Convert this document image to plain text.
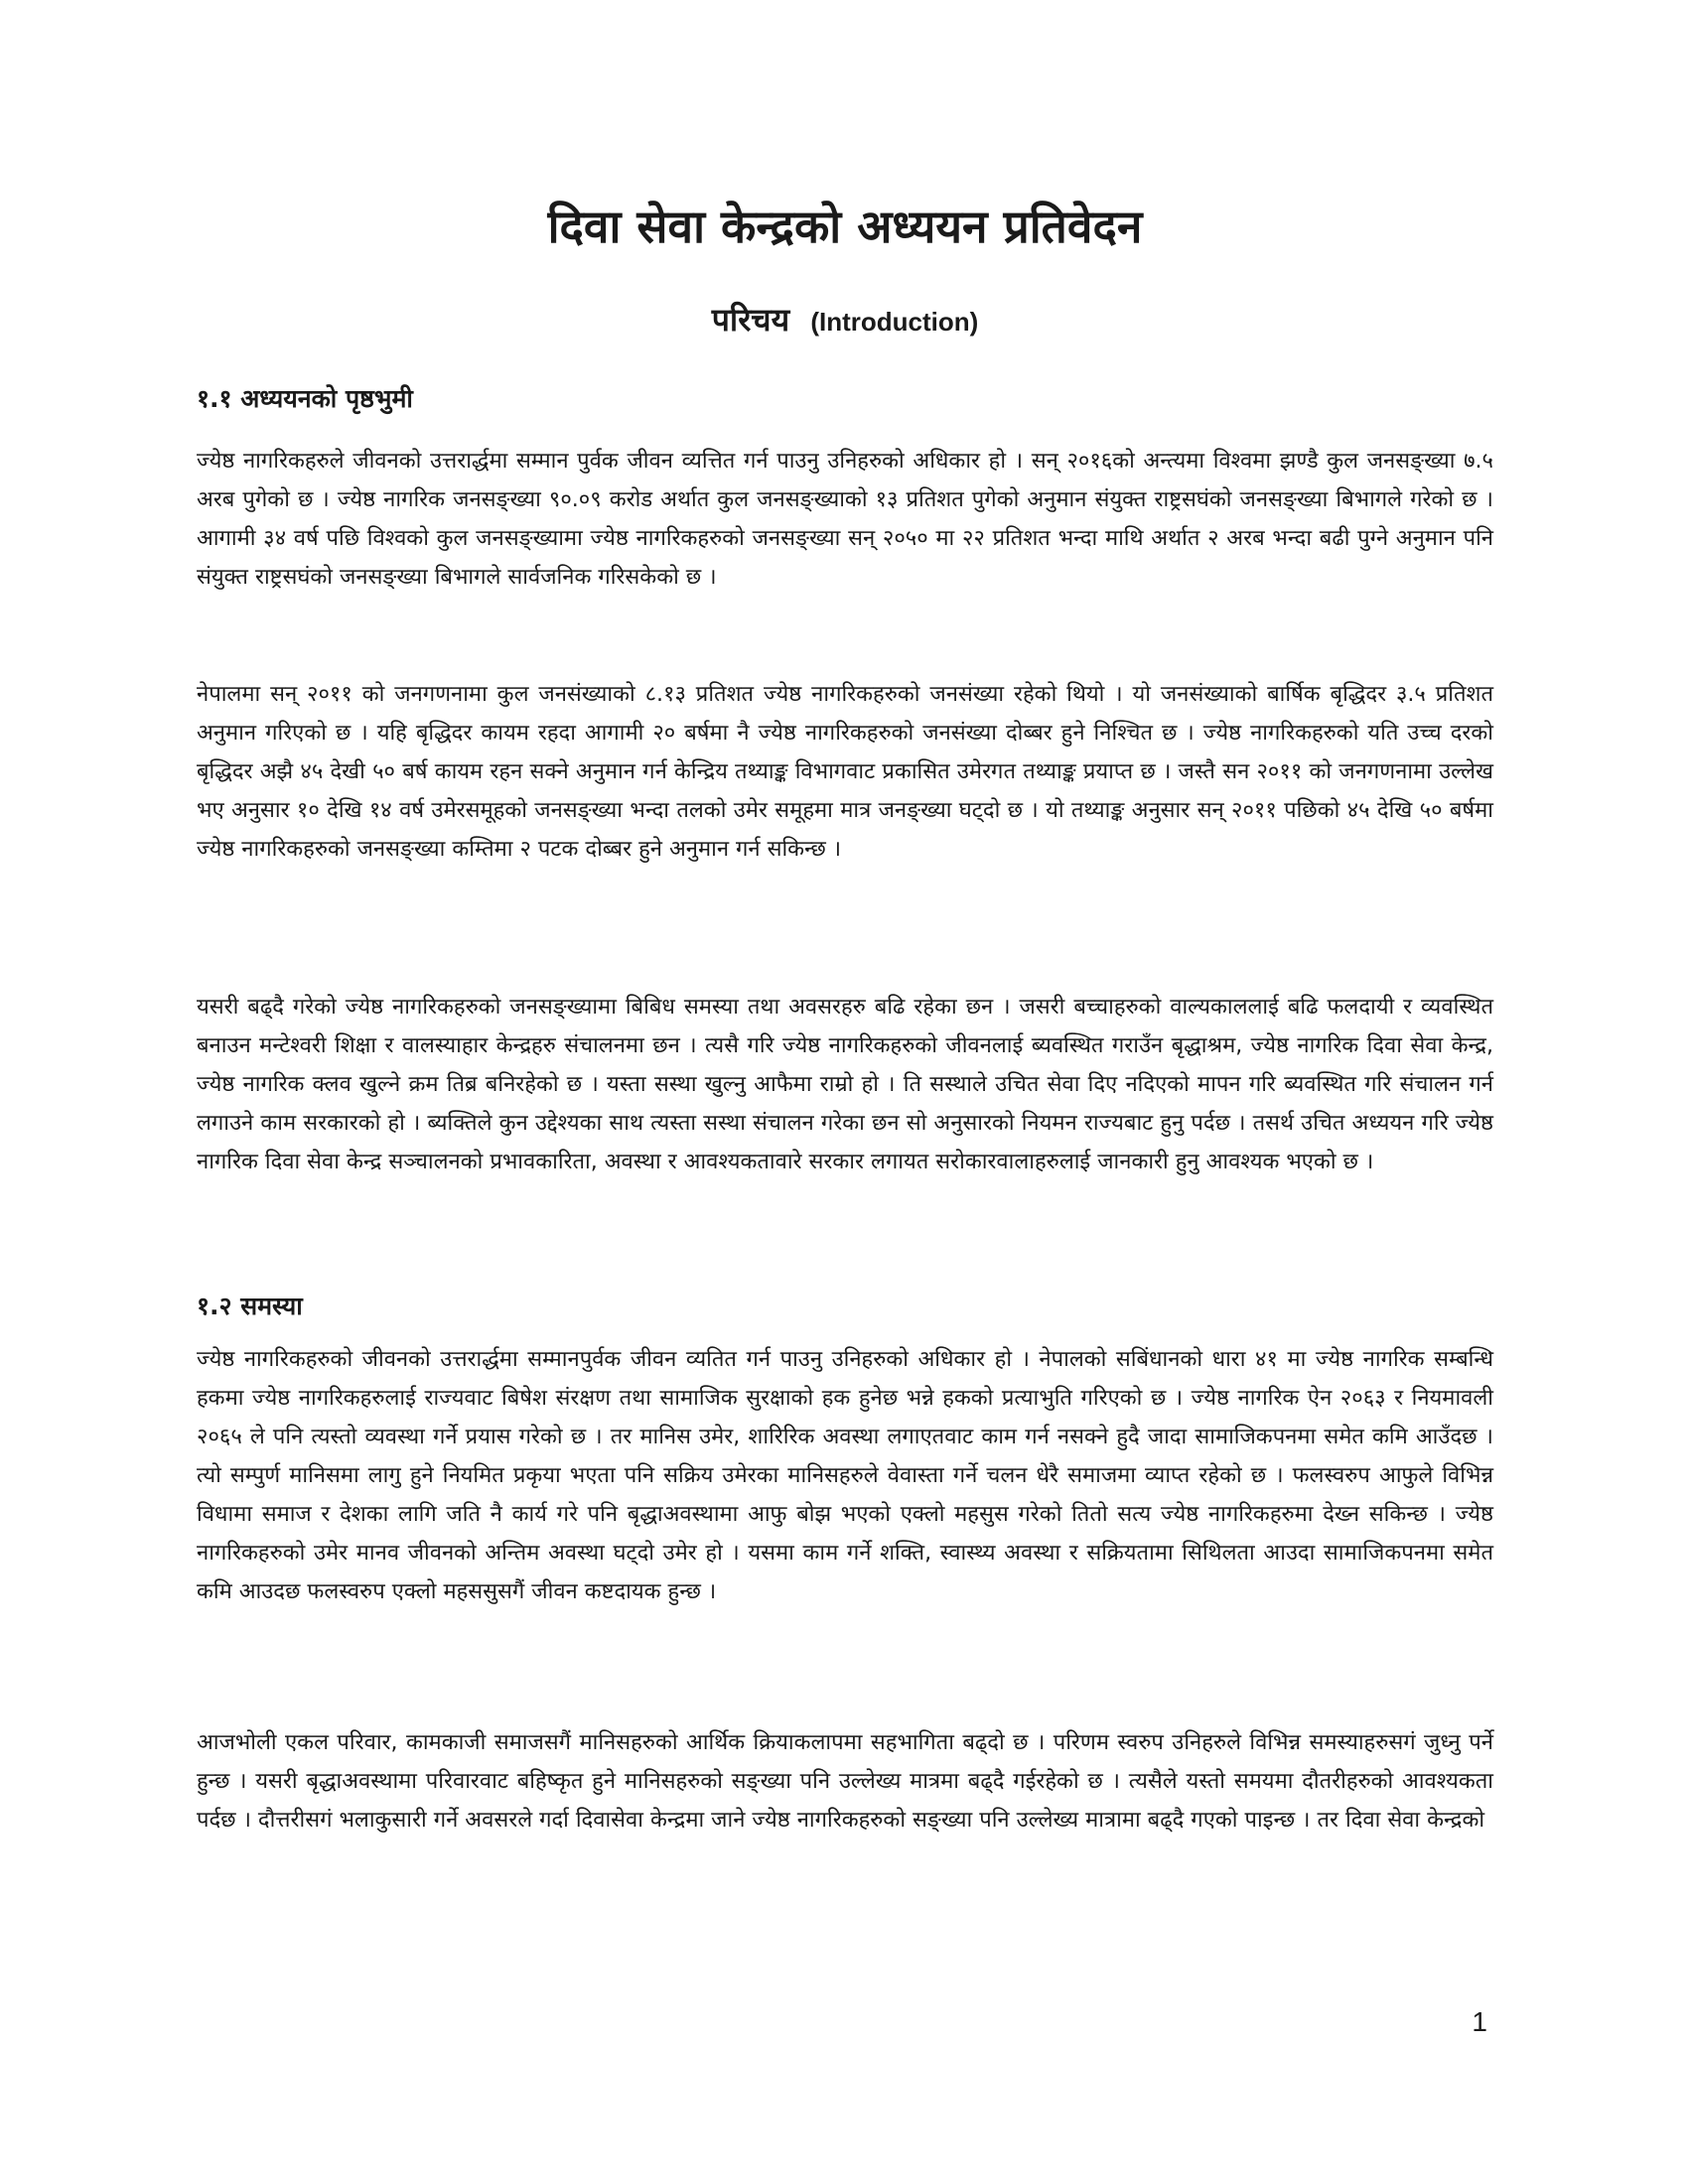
दिवा सेवा केन्द्रको अध्ययन प्रतिवेदन
परिचय (Introduction)
१.१ अध्ययनको पृष्ठभुमी

ज्येष्ठ नागरिकहरुले जीवनको उत्तरार्द्धमा सम्मान पुर्वक जीवन व्यत्तित गर्न पाउनु उनिहरुको अधिकार हो । सन् २०१६को अन्त्यमा विश्वमा झण्डै कुल जनसङ्ख्या ७.५ अरब पुगेको छ । ज्येष्ठ नागरिक जनसङ्ख्या ९०.०९ करोड अर्थात कुल जनसङ्ख्याको १३ प्रतिशत पुगेको अनुमान संयुक्त राष्ट्रसघंको जनसङ्ख्या बिभागले गरेको छ । आगामी ३४ वर्ष पछि विश्वको कुल जनसङ्ख्यामा ज्येष्ठ नागरिकहरुको जनसङ्ख्या सन् २०५० मा २२ प्रतिशत भन्दा माथि अर्थात २ अरब भन्दा बढी पुग्ने अनुमान पनि संयुक्त राष्ट्रसघंको जनसङ्ख्या बिभागले सार्वजनिक गरिसकेको छ ।

नेपालमा सन् २०११ को जनगणनामा कुल जनसंख्याको ८.१३ प्रतिशत ज्येष्ठ नागरिकहरुको जनसंख्या रहेको थियो । यो जनसंख्याको बार्षिक बृद्धिदर ३.५ प्रतिशत अनुमान गरिएको छ । यहि बृद्धिदर कायम रहदा आगामी २० बर्षमा नै ज्येष्ठ नागरिकहरुको जनसंख्या दोब्बर हुने निश्चित छ । ज्येष्ठ नागरिकहरुको यति उच्च दरको बृद्धिदर अझै ४५ देखी ५० बर्ष कायम रहन सक्ने अनुमान गर्न केन्द्रिय तथ्याङ्क विभागवाट प्रकासित उमेरगत तथ्याङ्क प्रयाप्त छ । जस्तै सन २०११ को जनगणनामा उल्लेख भए अनुसार १० देखि १४ वर्ष उमेरसमूहको जनसङ्ख्या भन्दा तलको उमेर समूहमा मात्र जनङ्ख्या घट्दो छ । यो तथ्याङ्क अनुसार सन् २०११ पछिको ४५ देखि ५० बर्षमा ज्येष्ठ नागरिकहरुको जनसङ्ख्या कम्तिमा २ पटक दोब्बर हुने अनुमान गर्न सकिन्छ ।

यसरी बढ्दै गरेको ज्येष्ठ नागरिकहरुको जनसङ्ख्यामा बिबिध समस्या तथा अवसरहरु बढि रहेका छन । जसरी बच्चाहरुको वाल्यकाललाई बढि फलदायी र व्यवस्थित बनाउन मन्टेश्वरी शिक्षा र वालस्याहार केन्द्रहरु संचालनमा छन । त्यसै गरि ज्येष्ठ नागरिकहरुको जीवनलाई ब्यवस्थित गराउँन बृद्धाश्रम, ज्येष्ठ नागरिक दिवा सेवा केन्द्र, ज्येष्ठ नागरिक क्लव खुल्ने क्रम तिब्र बनिरहेको छ । यस्ता सस्था खुल्नु आफैमा राम्रो हो । ति सस्थाले उचित सेवा दिए नदिएको मापन गरि ब्यवस्थित गरि संचालन गर्न लगाउने काम सरकारको हो । ब्यक्तिले कुन उद्देश्यका साथ त्यस्ता सस्था संचालन गरेका छन सो अनुसारको नियमन राज्यबाट हुनु पर्दछ । तसर्थ उचित अध्ययन गरि ज्येष्ठ नागरिक दिवा सेवा केन्द्र सञ्चालनको प्रभावकारिता, अवस्था र आवश्यकतावारे सरकार लगायत सरोकारवालाहरुलाई जानकारी हुनु आवश्यक भएको छ ।

१.२ समस्या

ज्येष्ठ नागरिकहरुको जीवनको उत्तरार्द्धमा सम्मानपुर्वक जीवन व्यतित गर्न पाउनु उनिहरुको अधिकार हो । नेपालको सबिंधानको धारा ४१ मा ज्येष्ठ नागरिक सम्बन्धि हकमा ज्येष्ठ नागरिकहरुलाई राज्यवाट बिषेश संरक्षण तथा सामाजिक सुरक्षाको हक हुनेछ भन्ने हकको प्रत्याभुति गरिएको छ । ज्येष्ठ नागरिक ऐन २०६३ र नियमावली २०६५ ले पनि त्यस्तो व्यवस्था गर्ने प्रयास गरेको छ । तर मानिस उमेर, शारिरिक अवस्था लगाएतवाट काम गर्न नसक्ने हुदै जादा सामाजिकपनमा समेत कमि आउँदछ । त्यो सम्पुर्ण मानिसमा लागु हुने नियमित प्रकृया भएता पनि सक्रिय उमेरका मानिसहरुले वेवास्ता गर्ने चलन धेरै समाजमा व्याप्त रहेको छ । फलस्वरुप आफुले विभिन्न विधामा समाज र देशका लागि जति नै कार्य गरे पनि बृद्धाअवस्थामा आफु बोझ भएको एक्लो महसुस गरेको तितो सत्य ज्येष्ठ नागरिकहरुमा देख्न सकिन्छ । ज्येष्ठ नागरिकहरुको उमेर मानव जीवनको अन्तिम अवस्था घट्दो उमेर हो । यसमा काम गर्ने शक्ति, स्वास्थ्य अवस्था र सक्रियतामा सिथिलता आउदा सामाजिकपनमा समेत कमि आउदछ फलस्वरुप एक्लो महससुसगैं जीवन कष्टदायक हुन्छ ।

आजभोली एकल परिवार, कामकाजी समाजसगैं मानिसहरुको आर्थिक क्रियाकलापमा सहभागिता बढ्दो छ । परिणम स्वरुप उनिहरुले विभिन्न समस्याहरुसगं जुध्नु पर्ने हुन्छ । यसरी बृद्धाअवस्थामा परिवारवाट बहिष्कृत हुने मानिसहरुको सङ्ख्या पनि उल्लेख्य मात्रमा बढ्दै गईरहेको छ । त्यसैले यस्तो समयमा दौतरीहरुको आवश्यकता पर्दछ । दौत्तरीसगं भलाकुसारी गर्ने अवसरले गर्दा दिवासेवा केन्द्रमा जाने ज्येष्ठ नागरिकहरुको सङ्ख्या पनि उल्लेख्य मात्रामा बढ्दै गएको पाइन्छ । तर दिवा सेवा केन्द्रको

1
